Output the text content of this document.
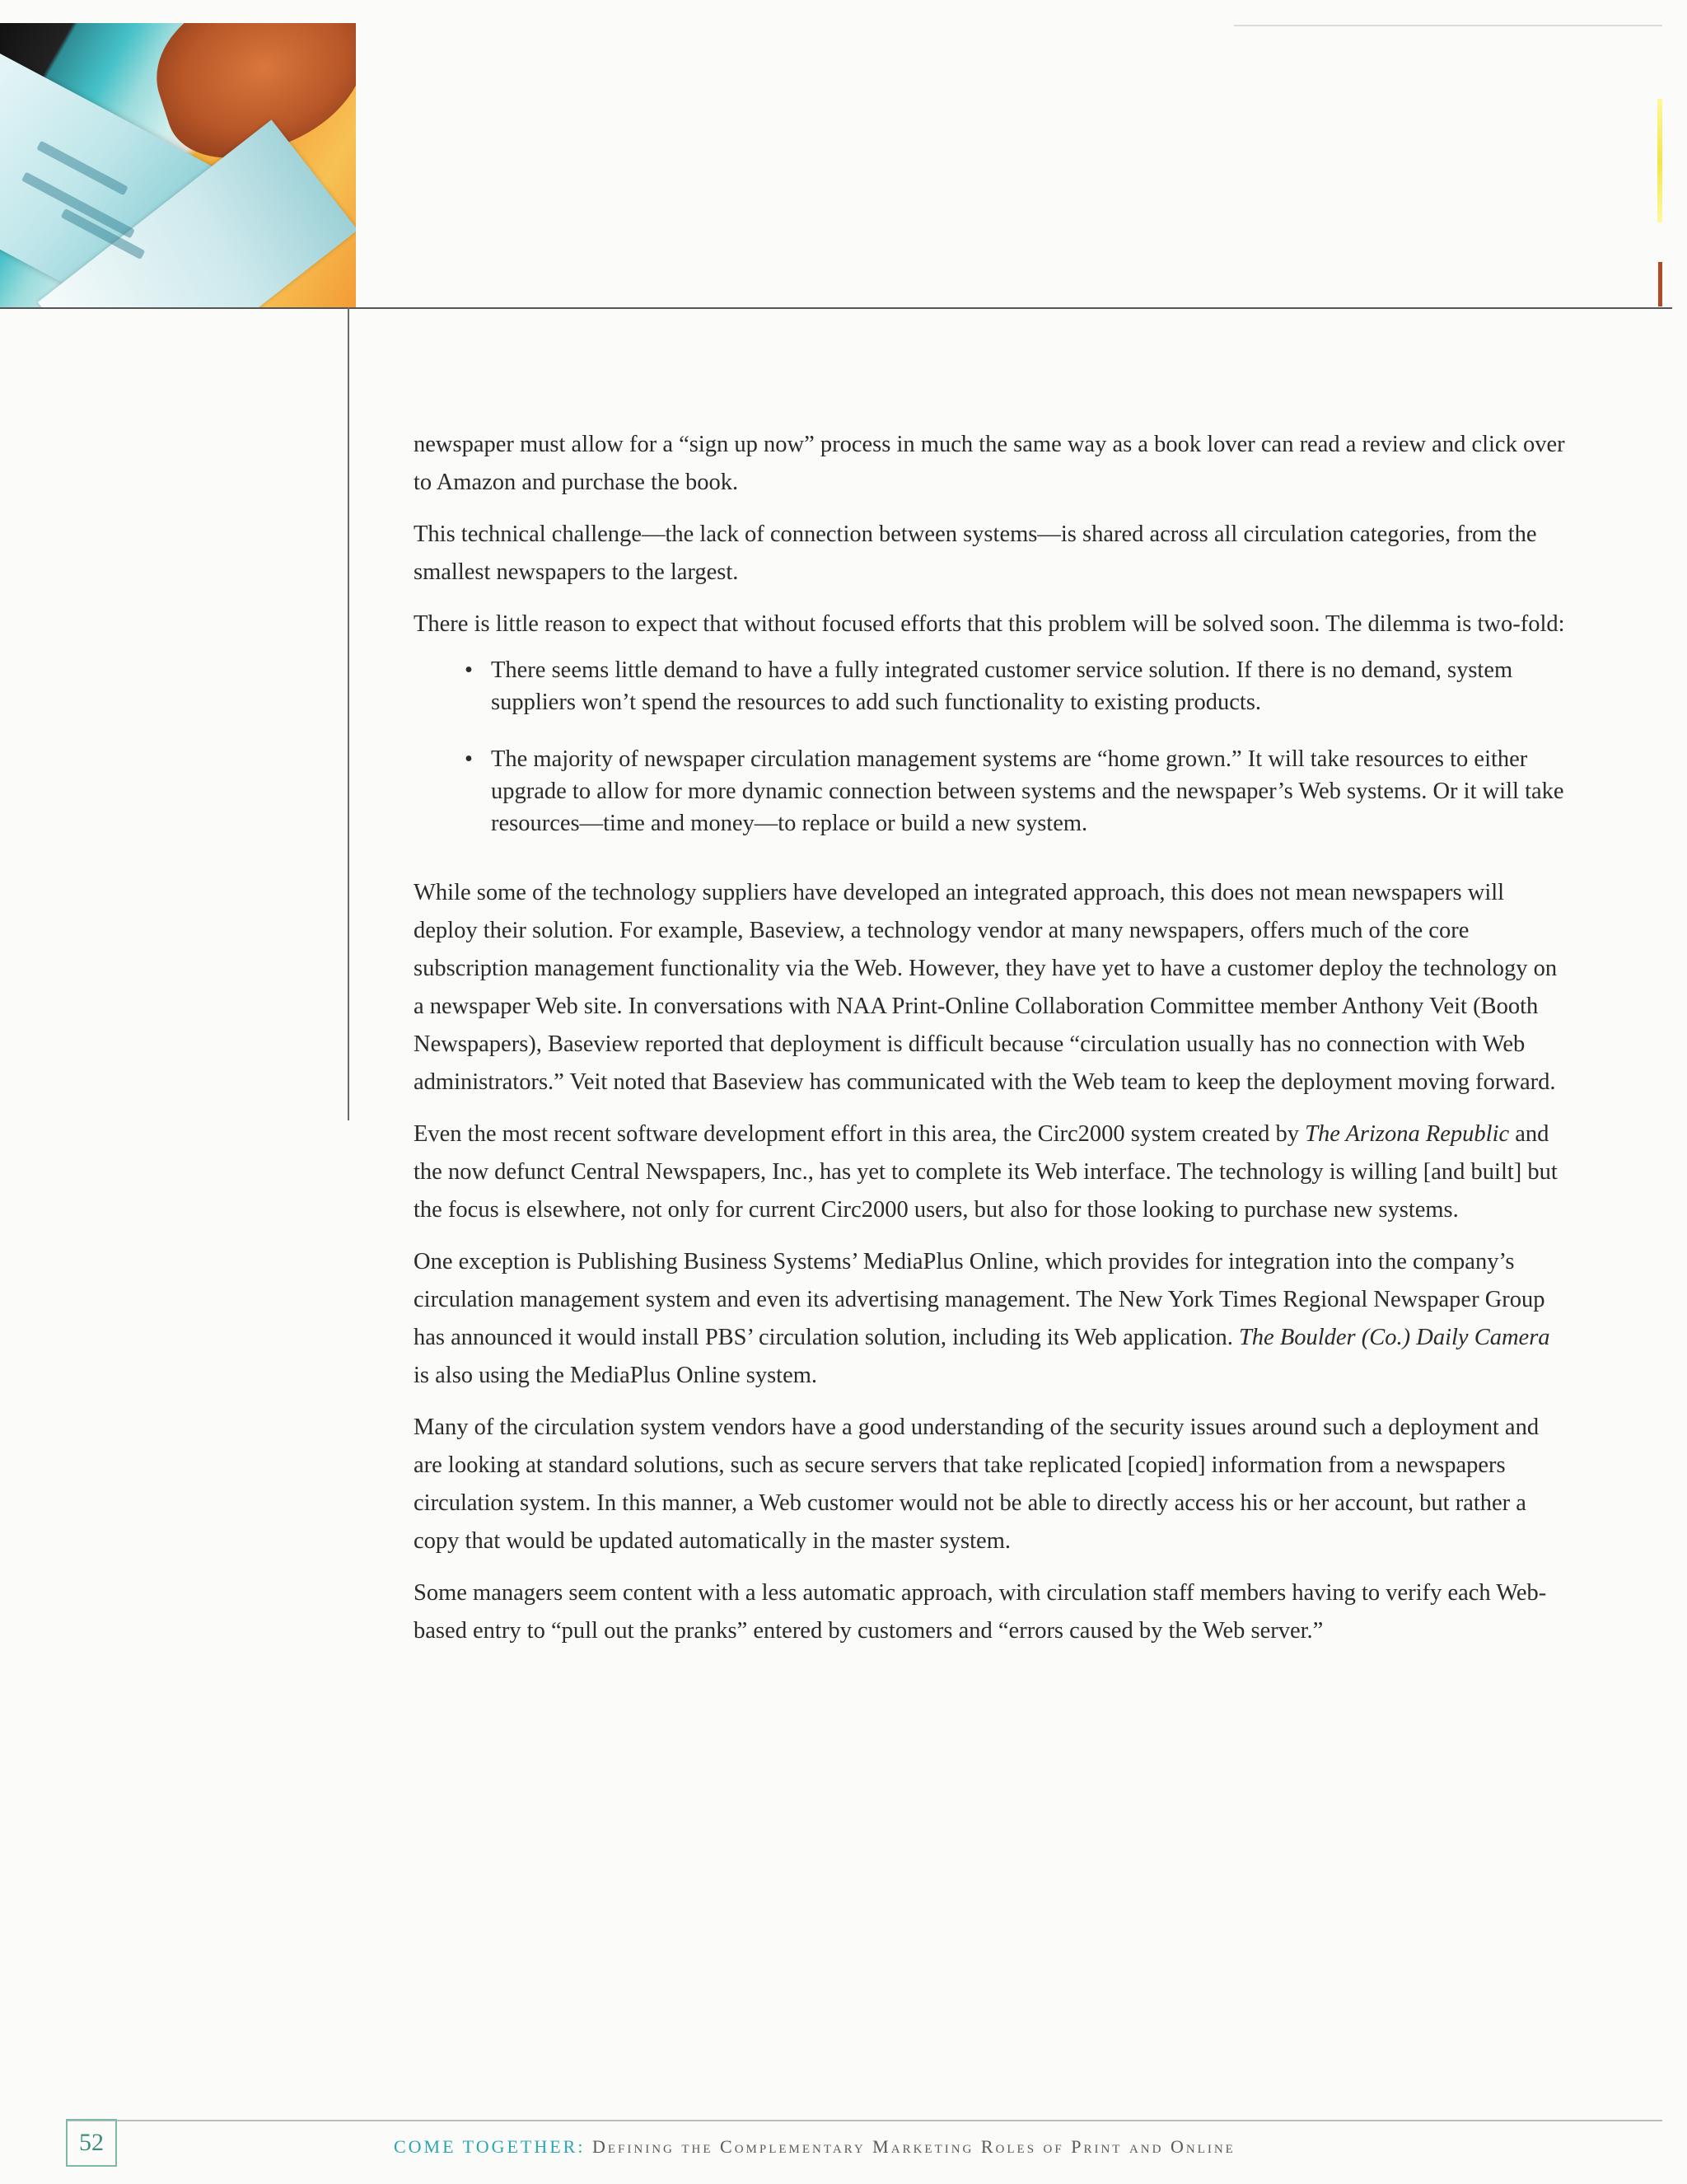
newspaper must allow for a “sign up now” process in much the same way as a book lover can read a review and click over to Amazon and purchase the book.

This technical challenge—the lack of connection between systems—is shared across all circulation categories, from the smallest newspapers to the largest.

There is little reason to expect that without focused efforts that this problem will be solved soon. The dilemma is two-fold:

• There seems little demand to have a fully integrated customer service solution. If there is no demand, system suppliers won’t spend the resources to add such functionality to existing products.
• The majority of newspaper circulation management systems are “home grown.” It will take resources to either upgrade to allow for more dynamic connection between systems and the newspaper’s Web systems. Or it will take resources—time and money—to replace or build a new system.

While some of the technology suppliers have developed an integrated approach, this does not mean newspapers will deploy their solution. For example, Baseview, a technology vendor at many newspapers, offers much of the core subscription management functionality via the Web. However, they have yet to have a customer deploy the technology on a newspaper Web site. In conversations with NAA Print-Online Collaboration Committee member Anthony Veit (Booth Newspapers), Baseview reported that deployment is difficult because “circulation usually has no connection with Web administrators.” Veit noted that Baseview has communicated with the Web team to keep the deployment moving forward.

Even the most recent software development effort in this area, the Circ2000 system created by The Arizona Republic and the now defunct Central Newspapers, Inc., has yet to complete its Web interface. The technology is willing [and built] but the focus is elsewhere, not only for current Circ2000 users, but also for those looking to purchase new systems.

One exception is Publishing Business Systems’ MediaPlus Online, which provides for integration into the company’s circulation management system and even its advertising management. The New York Times Regional Newspaper Group has announced it would install PBS’ circulation solution, including its Web application. The Boulder (Co.) Daily Camera is also using the MediaPlus Online system.

Many of the circulation system vendors have a good understanding of the security issues around such a deployment and are looking at standard solutions, such as secure servers that take replicated [copied] information from a newspapers circulation system. In this manner, a Web customer would not be able to directly access his or her account, but rather a copy that would be updated automatically in the master system.

Some managers seem content with a less automatic approach, with circulation staff members having to verify each Web-based entry to “pull out the pranks” entered by customers and “errors caused by the Web server.”

52	COME TOGETHER: Defining the Complementary Marketing Roles of Print and Online
